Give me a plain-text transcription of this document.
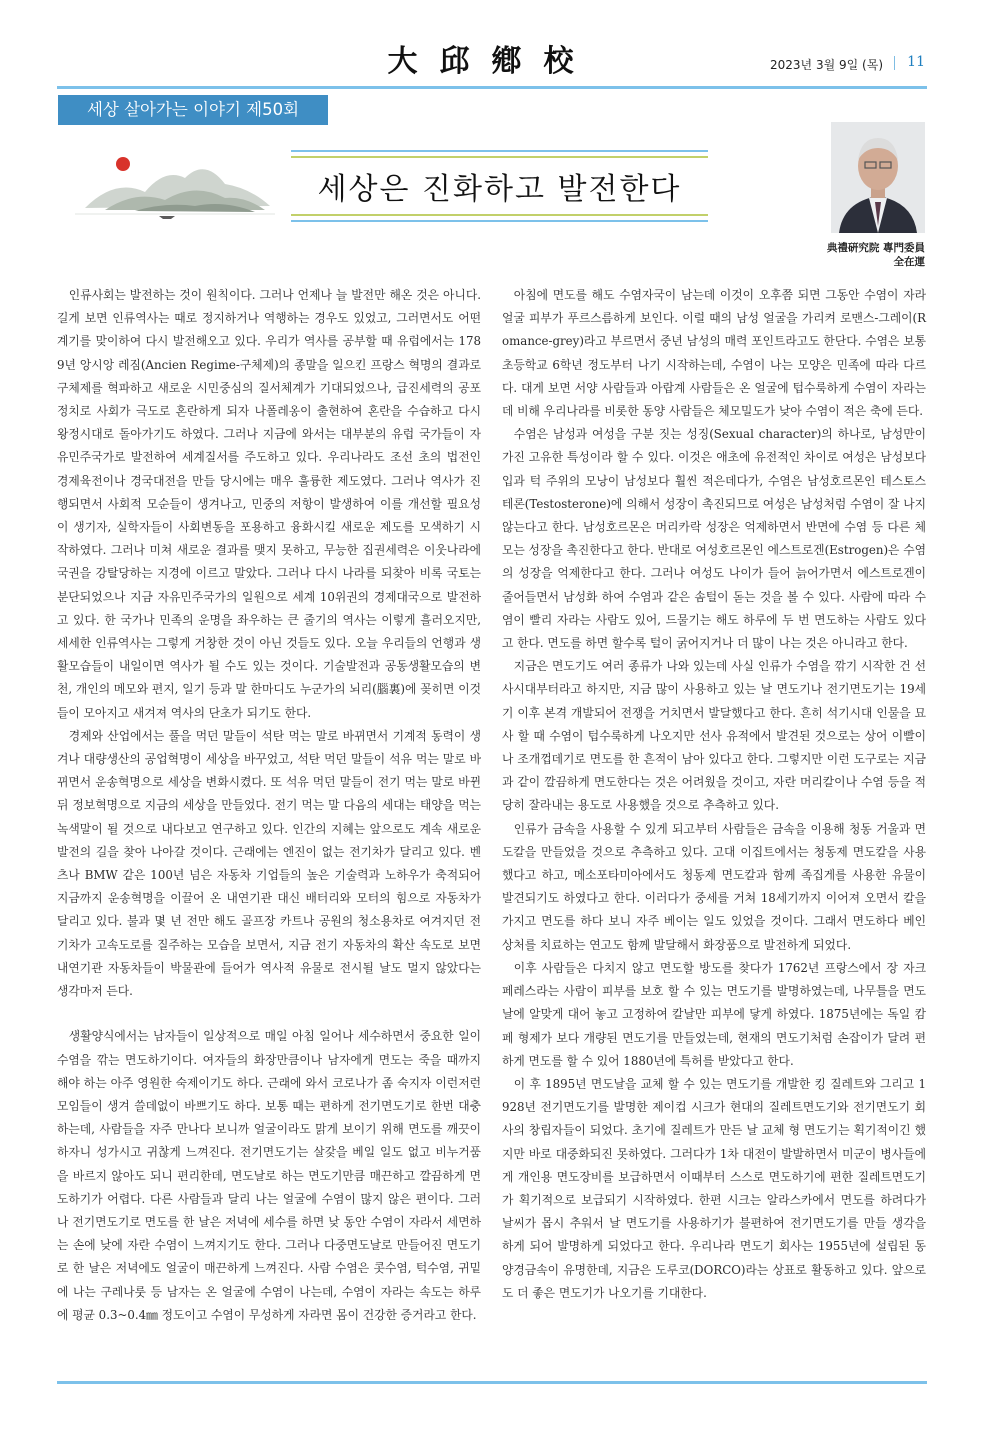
大邱鄕校	2023년 3월 9일 (목) 11
세상 살아가는 이야기 제50회
세상은 진화하고 발전한다
典禮硏究院 專門委員
全在運

인류사회는 발전하는 것이 원칙이다. 그러나 언제나 늘 발전만 해온 것은 아니다. 길게 보면 인류역사는 때로 정지하거나 역행하는 경우도 있었고, 그러면서도 어떤 계기를 맞이하여 다시 발전해오고 있다. 우리가 역사를 공부할 때 유럽에서는 1789년 앙시앙 레짐(Ancien Regime-구체제)의 종말을 일으킨 프랑스 혁명의 결과로 구체제를 혁파하고 새로운 시민중심의 질서체계가 기대되었으나, 급진세력의 공포정치로 사회가 극도로 혼란하게 되자 나폴레옹이 출현하여 혼란을 수습하고 다시 왕정시대로 돌아가기도 하였다. 그러나 지금에 와서는 대부분의 유럽 국가들이 자유민주국가로 발전하여 세계질서를 주도하고 있다. 우리나라도 조선 초의 법전인 경제육전이나 경국대전을 만들 당시에는 매우 훌륭한 제도였다. 그러나 역사가 진행되면서 사회적 모순들이 생겨나고, 민중의 저항이 발생하여 이를 개선할 필요성이 생기자, 실학자들이 사회변동을 포용하고 융화시킬 새로운 제도를 모색하기 시작하였다. 그러나 미쳐 새로운 결과를 맺지 못하고, 무능한 집권세력은 이웃나라에 국권을 강탈당하는 지경에 이르고 말았다. 그러나 다시 나라를 되찾아 비록 국토는 분단되었으나 지금 자유민주국가의 일원으로 세계 10위권의 경제대국으로 발전하고 있다. 한 국가나 민족의 운명을 좌우하는 큰 줄기의 역사는 이렇게 흘러오지만, 세세한 인류역사는 그렇게 거창한 것이 아닌 것들도 있다. 오늘 우리들의 언행과 생활모습들이 내일이면 역사가 될 수도 있는 것이다. 기술발전과 공동생활모습의 변천, 개인의 메모와 편지, 일기 등과 말 한마디도 누군가의 뇌리(腦裏)에 꽂히면 이것들이 모아지고 새겨져 역사의 단초가 되기도 한다.

경제와 산업에서는 풀을 먹던 말들이 석탄 먹는 말로 바뀌면서 기계적 동력이 생겨나 대량생산의 공업혁명이 세상을 바꾸었고, 석탄 먹던 말들이 석유 먹는 말로 바뀌면서 운송혁명으로 세상을 변화시켰다. 또 석유 먹던 말들이 전기 먹는 말로 바뀐 뒤 정보혁명으로 지금의 세상을 만들었다. 전기 먹는 말 다음의 세대는 태양을 먹는 녹색말이 될 것으로 내다보고 연구하고 있다. 인간의 지혜는 앞으로도 계속 새로운 발전의 길을 찾아 나아갈 것이다. 근래에는 엔진이 없는 전기차가 달리고 있다. 벤츠나 BMW 같은 100년 넘은 자동차 기업들의 높은 기술력과 노하우가 축적되어 지금까지 운송혁명을 이끌어 온 내연기관 대신 배터리와 모터의 힘으로 자동차가 달리고 있다. 불과 몇 년 전만 해도 골프장 카트나 공원의 청소용차로 여겨지던 전기차가 고속도로를 질주하는 모습을 보면서, 지금 전기 자동차의 확산 속도로 보면 내연기관 자동차들이 박물관에 들어가 역사적 유물로 전시될 날도 멀지 않았다는 생각마저 든다.

생활양식에서는 남자들이 일상적으로 매일 아침 일어나 세수하면서 중요한 일이 수염을 깎는 면도하기이다. 여자들의 화장만큼이나 남자에게 면도는 죽을 때까지 해야 하는 아주 영원한 숙제이기도 하다. 근래에 와서 코로나가 좀 숙지자 이런저런 모임들이 생겨 쓸데없이 바쁘기도 하다. 보통 때는 편하게 전기면도기로 한번 대충 하는데, 사람들을 자주 만나다 보니까 얼굴이라도 맑게 보이기 위해 면도를 깨끗이 하자니 성가시고 귀찮게 느껴진다. 전기면도기는 살갗을 베일 일도 없고 비누거품을 바르지 않아도 되니 편리한데, 면도날로 하는 면도기만큼 매끈하고 깔끔하게 면도하기가 어렵다. 다른 사람들과 달리 나는 얼굴에 수염이 많지 않은 편이다. 그러나 전기면도기로 면도를 한 날은 저녁에 세수를 하면 낮 동안 수염이 자라서 세면하는 손에 낮에 자란 수염이 느껴지기도 한다. 그러나 다중면도날로 만들어진 면도기로 한 날은 저녁에도 얼굴이 매끈하게 느껴진다. 사람 수염은 콧수염, 턱수염, 귀밑에 나는 구레나룻 등 남자는 온 얼굴에 수염이 나는데, 수염이 자라는 속도는 하루에 평균 0.3~0.4㎜ 정도이고 수염이 무성하게 자라면 몸이 건강한 증거라고 한다.

아침에 면도를 해도 수염자국이 남는데 이것이 오후쯤 되면 그동안 수염이 자라 얼굴 피부가 푸르스름하게 보인다. 이럴 때의 남성 얼굴을 가리켜 로맨스-그레이(Romance-grey)라고 부르면서 중년 남성의 매력 포인트라고도 한단다. 수염은 보통 초등학교 6학년 정도부터 나기 시작하는데, 수염이 나는 모양은 민족에 따라 다르다. 대게 보면 서양 사람들과 아랍계 사람들은 온 얼굴에 텁수룩하게 수염이 자라는 데 비해 우리나라를 비롯한 동양 사람들은 체모밀도가 낮아 수염이 적은 축에 든다.

수염은 남성과 여성을 구분 짓는 성징(Sexual character)의 하나로, 남성만이 가진 고유한 특성이라 할 수 있다. 이것은 애초에 유전적인 차이로 여성은 남성보다 입과 턱 주위의 모낭이 남성보다 훨씬 적은데다가, 수염은 남성호르몬인 테스토스테론(Testosterone)에 의해서 성장이 촉진되므로 여성은 남성처럼 수염이 잘 나지 않는다고 한다. 남성호르몬은 머리카락 성장은 억제하면서 반면에 수염 등 다른 체모는 성장을 촉진한다고 한다. 반대로 여성호르몬인 에스트로겐(Estrogen)은 수염의 성장을 억제한다고 한다. 그러나 여성도 나이가 들어 늙어가면서 에스트로겐이 줄어들면서 남성화 하여 수염과 같은 솜털이 돋는 것을 볼 수 있다. 사람에 따라 수염이 빨리 자라는 사람도 있어, 드물기는 해도 하루에 두 번 면도하는 사람도 있다고 한다. 면도를 하면 할수록 털이 굵어지거나 더 많이 나는 것은 아니라고 한다.

지금은 면도기도 여러 종류가 나와 있는데 사실 인류가 수염을 깎기 시작한 건 선사시대부터라고 하지만, 지금 많이 사용하고 있는 날 면도기나 전기면도기는 19세기 이후 본격 개발되어 전쟁을 거치면서 발달했다고 한다. 흔히 석기시대 인물을 묘사 할 때 수염이 텁수룩하게 나오지만 선사 유적에서 발견된 것으로는 상어 이빨이나 조개껍데기로 면도를 한 흔적이 남아 있다고 한다. 그렇지만 이런 도구로는 지금과 같이 깔끔하게 면도한다는 것은 어려웠을 것이고, 자란 머리칼이나 수염 등을 적당히 잘라내는 용도로 사용했을 것으로 추측하고 있다.

인류가 금속을 사용할 수 있게 되고부터 사람들은 금속을 이용해 청동 거울과 면도칼을 만들었을 것으로 추측하고 있다. 고대 이집트에서는 청동제 면도칼을 사용했다고 하고, 메소포타미아에서도 청동제 면도칼과 함께 족집게를 사용한 유물이 발견되기도 하였다고 한다. 이러다가 중세를 거쳐 18세기까지 이어져 오면서 칼을 가지고 면도를 하다 보니 자주 베이는 일도 있었을 것이다. 그래서 면도하다 베인 상처를 치료하는 연고도 함께 발달해서 화장품으로 발전하게 되었다.

이후 사람들은 다치지 않고 면도할 방도를 찾다가 1762년 프랑스에서 장 자크 페레스라는 사람이 피부를 보호 할 수 있는 면도기를 발명하였는데, 나무틀을 면도날에 알맞게 대어 놓고 고정하여 칼날만 피부에 닿게 하였다. 1875년에는 독일 캄페 형제가 보다 개량된 면도기를 만들었는데, 현재의 면도기처럼 손잡이가 달려 편하게 면도를 할 수 있어 1880년에 특허를 받았다고 한다.

이 후 1895년 면도날을 교체 할 수 있는 면도기를 개발한 킹 질레트와 그리고 1928년 전기면도기를 발명한 제이컵 시크가 현대의 질레트면도기와 전기면도기 회사의 창립자들이 되었다. 초기에 질레트가 만든 날 교체 형 면도기는 획기적이긴 했지만 바로 대중화되진 못하였다. 그러다가 1차 대전이 발발하면서 미군이 병사들에게 개인용 면도장비를 보급하면서 이때부터 스스로 면도하기에 편한 질레트면도기가 획기적으로 보급되기 시작하였다. 한편 시크는 알라스카에서 면도를 하려다가 날씨가 몹시 추워서 날 면도기를 사용하기가 불편하여 전기면도기를 만들 생각을 하게 되어 발명하게 되었다고 한다. 우리나라 면도기 회사는 1955년에 설립된 동양경금속이 유명한데, 지금은 도루코(DORCO)라는 상표로 활동하고 있다. 앞으로도 더 좋은 면도기가 나오기를 기대한다.
